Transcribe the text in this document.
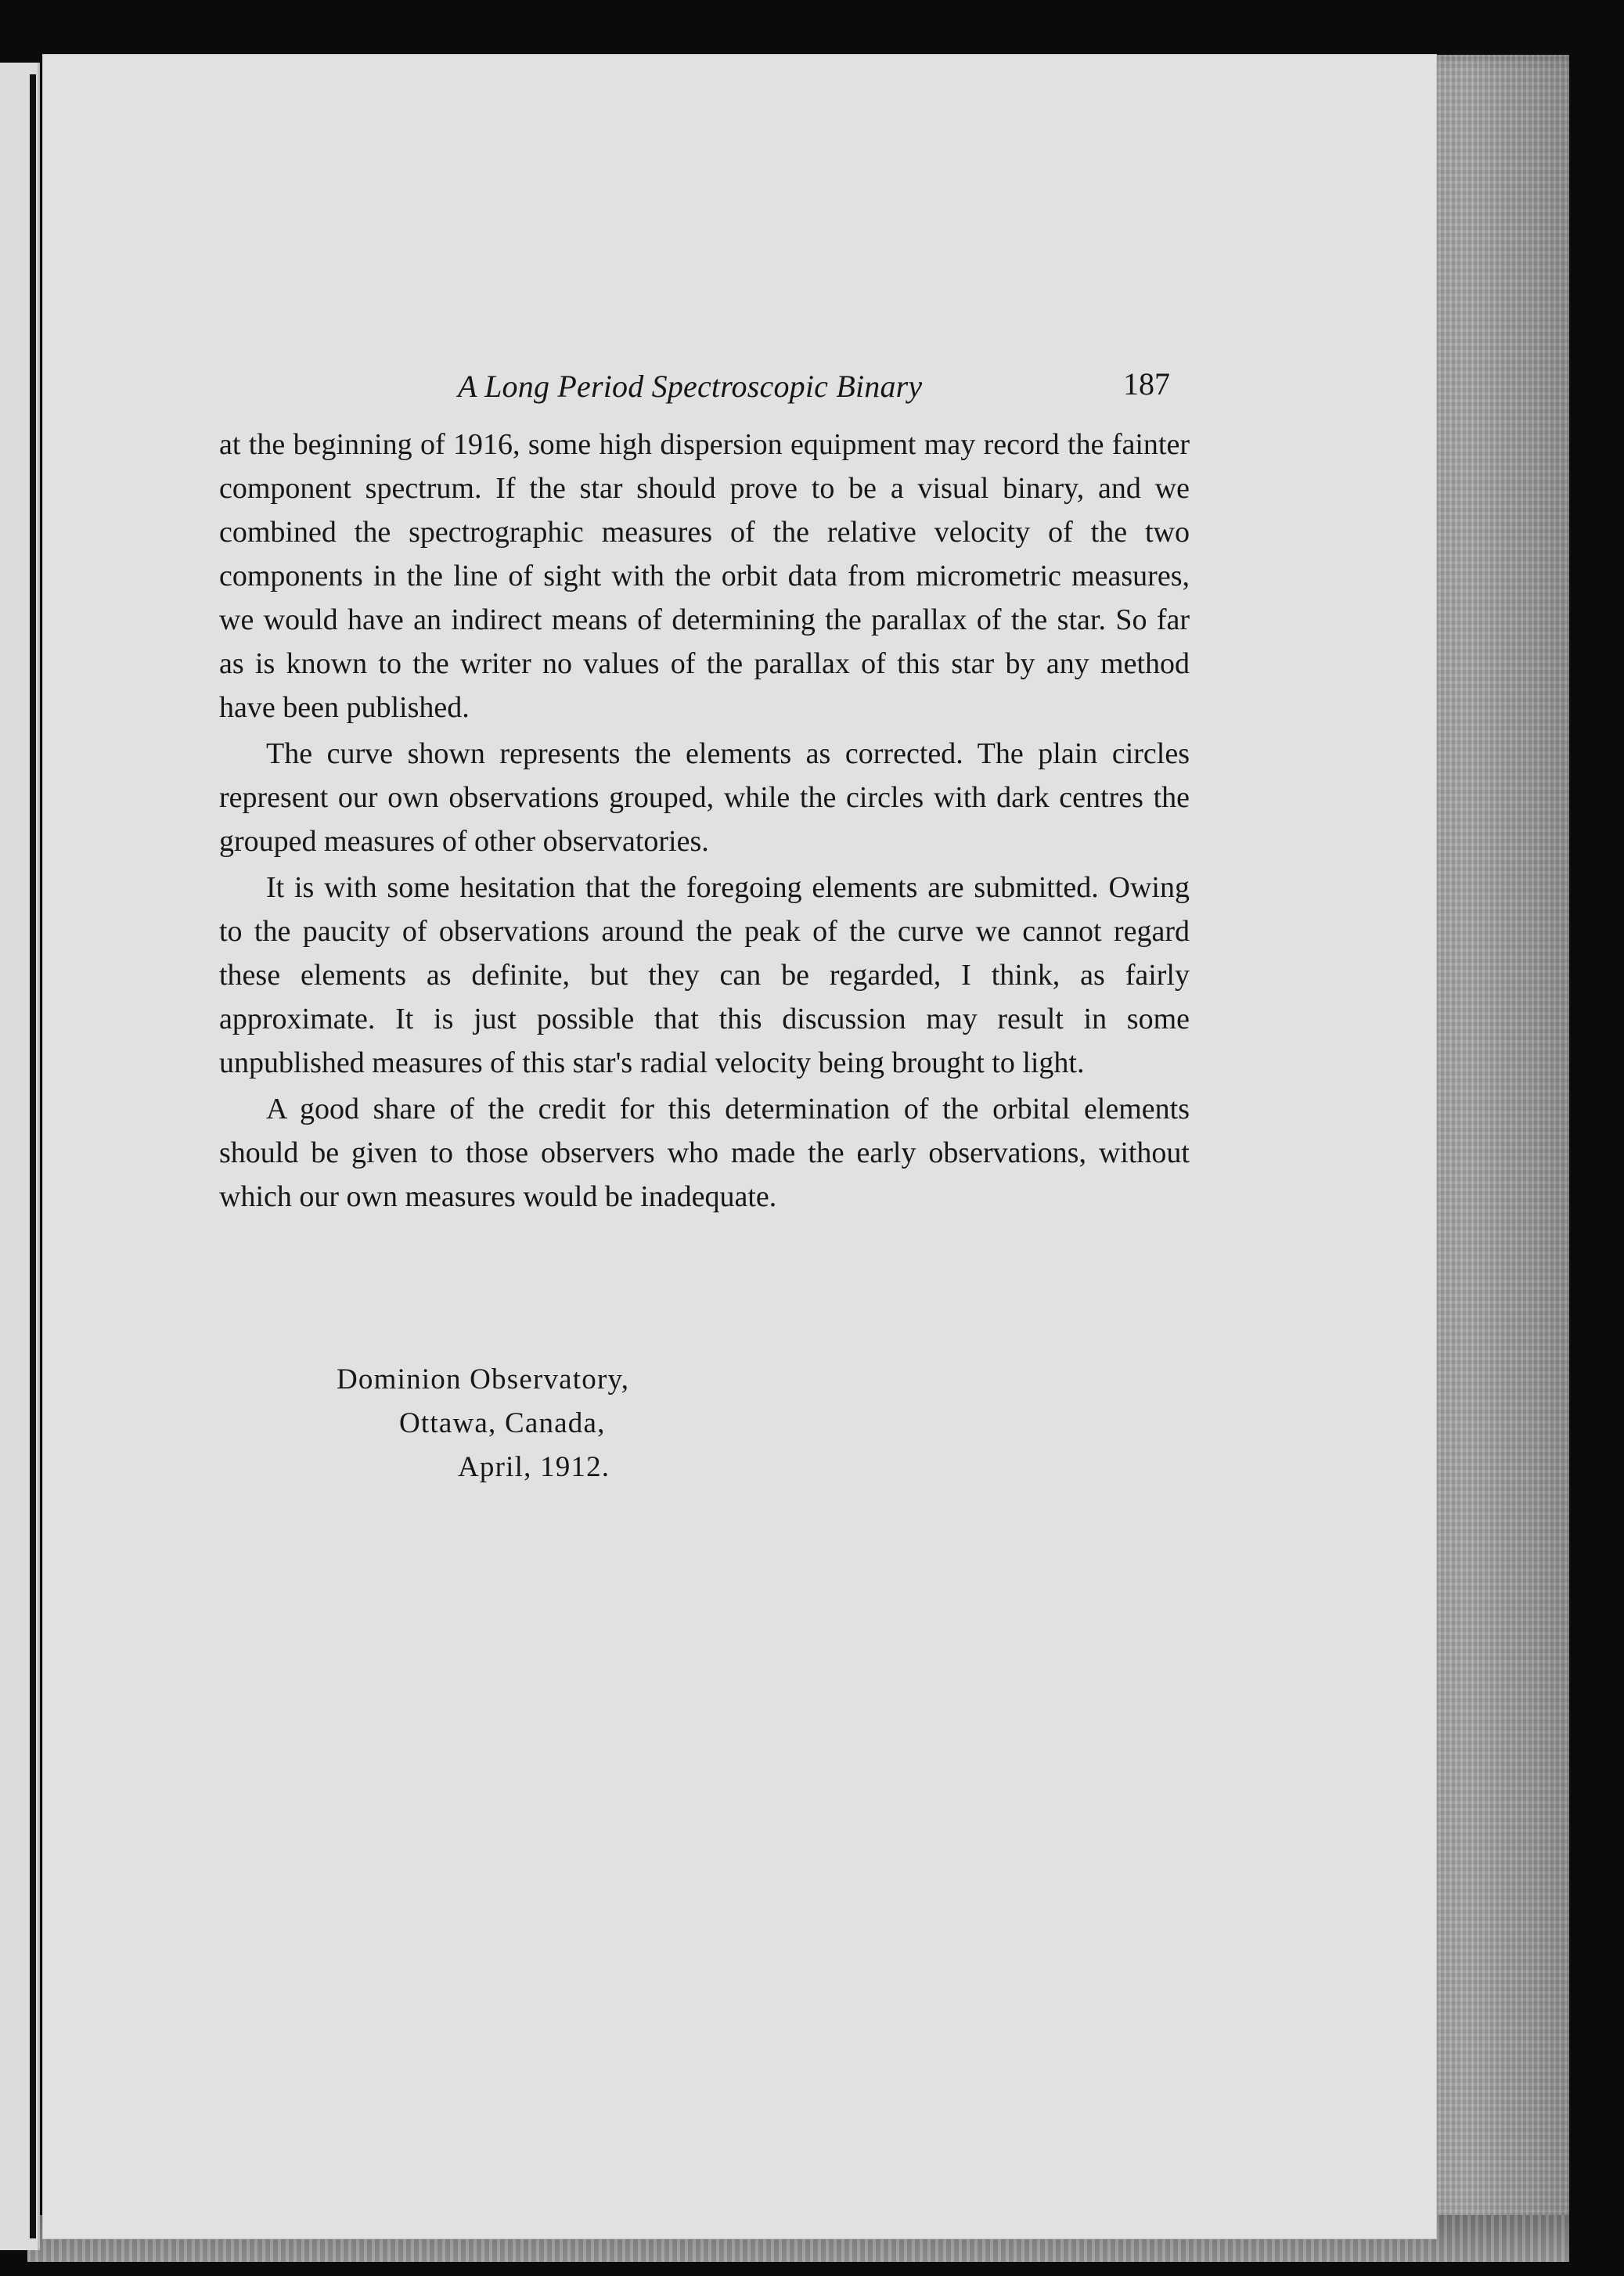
A Long Period Spectroscopic Binary	187

at the beginning of 1916, some high dispersion equipment may record the fainter component spectrum. If the star should prove to be a visual binary, and we combined the spectrographic measures of the relative velocity of the two components in the line of sight with the orbit data from micrometric measures, we would have an indirect means of determining the parallax of the star. So far as is known to the writer no values of the parallax of this star by any method have been published.

The curve shown represents the elements as corrected. The plain circles represent our own observations grouped, while the circles with dark centres the grouped measures of other observatories.

It is with some hesitation that the foregoing elements are submitted. Owing to the paucity of observations around the peak of the curve we cannot regard these elements as definite, but they can be regarded, I think, as fairly approximate. It is just possible that this discussion may result in some unpublished measures of this star's radial velocity being brought to light.

A good share of the credit for this determination of the orbital elements should be given to those observers who made the early observations, without which our own measures would be inadequate.

Dominion Observatory,
Ottawa, Canada,
April, 1912.
